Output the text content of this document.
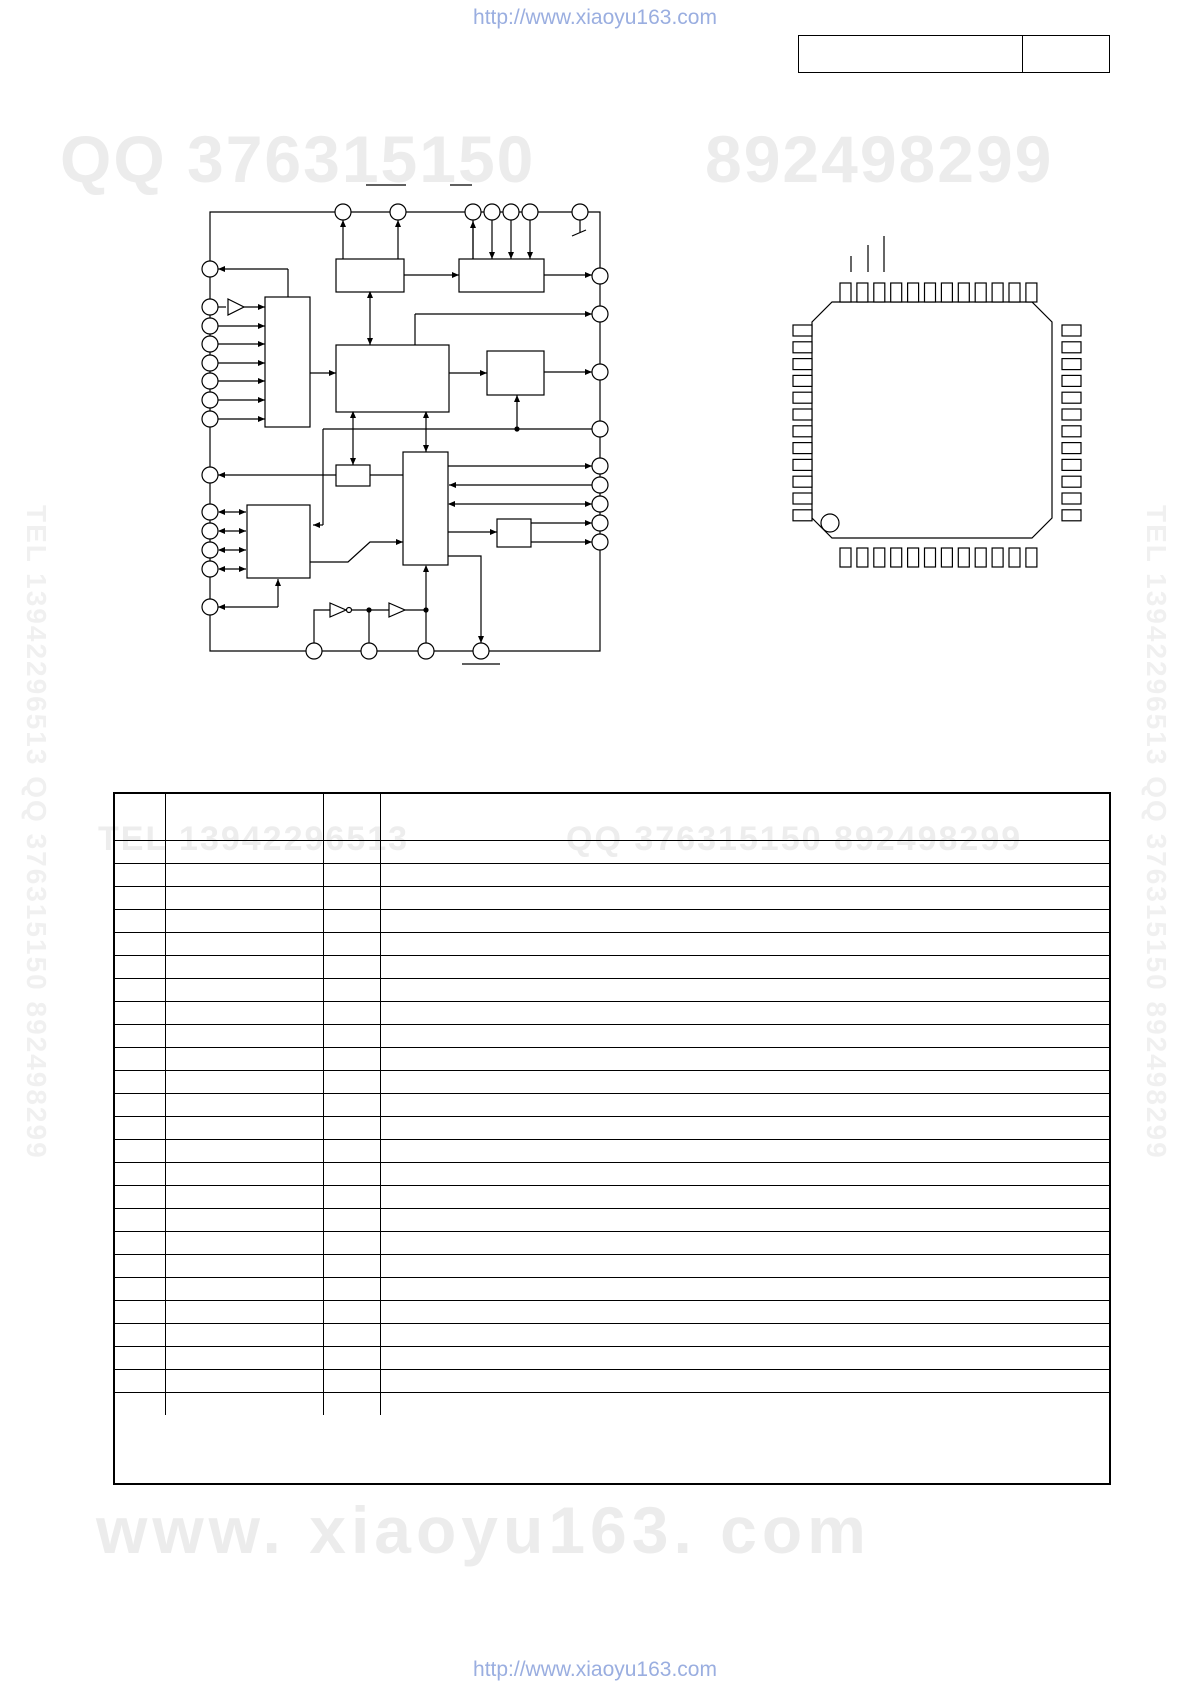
http://www.xiaoyu163.com
QQ 376315150	892498299
TEL 13942296513	QQ 376315150 892498299
TEL 13942296513 QQ 376315150 892498299	TEL 13942296513 QQ 376315150 892498299
www. xiaoyu163. com

http://www.xiaoyu163.com
